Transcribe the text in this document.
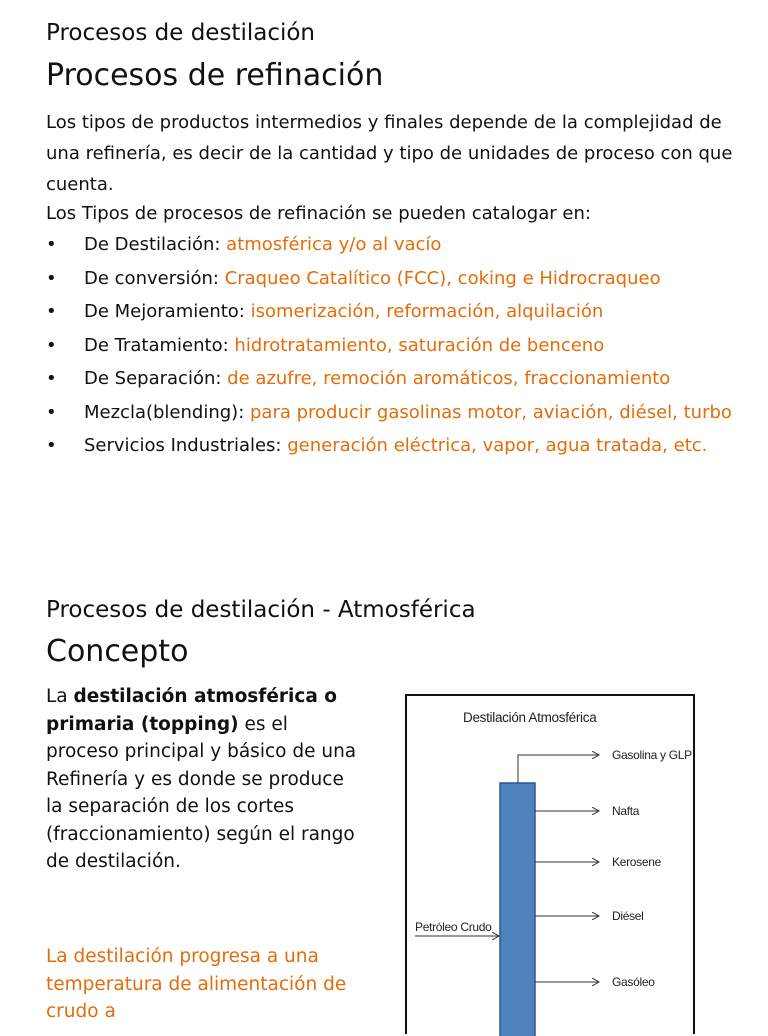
Procesos de destilación
Procesos de refinación
Los tipos de productos intermedios y finales depende de la complejidad de una refinería, es decir de la cantidad y tipo de unidades de proceso con que cuenta.
Los Tipos de procesos de refinación se pueden catalogar en:
• De Destilación: atmosférica y/o al vacío
• De conversión: Craqueo Catalítico (FCC), coking e Hidrocraqueo
• De Mejoramiento: isomerización, reformación, alquilación
• De Tratamiento: hidrotratamiento, saturación de benceno
• De Separación: de azufre, remoción aromáticos, fraccionamiento
• Mezcla(blending): para producir gasolinas motor, aviación, diésel, turbo
• Servicios Industriales: generación eléctrica, vapor, agua tratada, etc.
Procesos de destilación - Atmosférica
Concepto
La destilación atmosférica o primaria (topping) es el proceso principal y básico de una Refinería y es donde se produce la separación de los cortes (fraccionamiento) según el rango de destilación.
La destilación progresa a una temperatura de alimentación de crudo a
Destilación Atmosférica
Gasolina y GLP
Nafta
Kerosene
Diésel
Gasóleo
Petróleo Crudo
